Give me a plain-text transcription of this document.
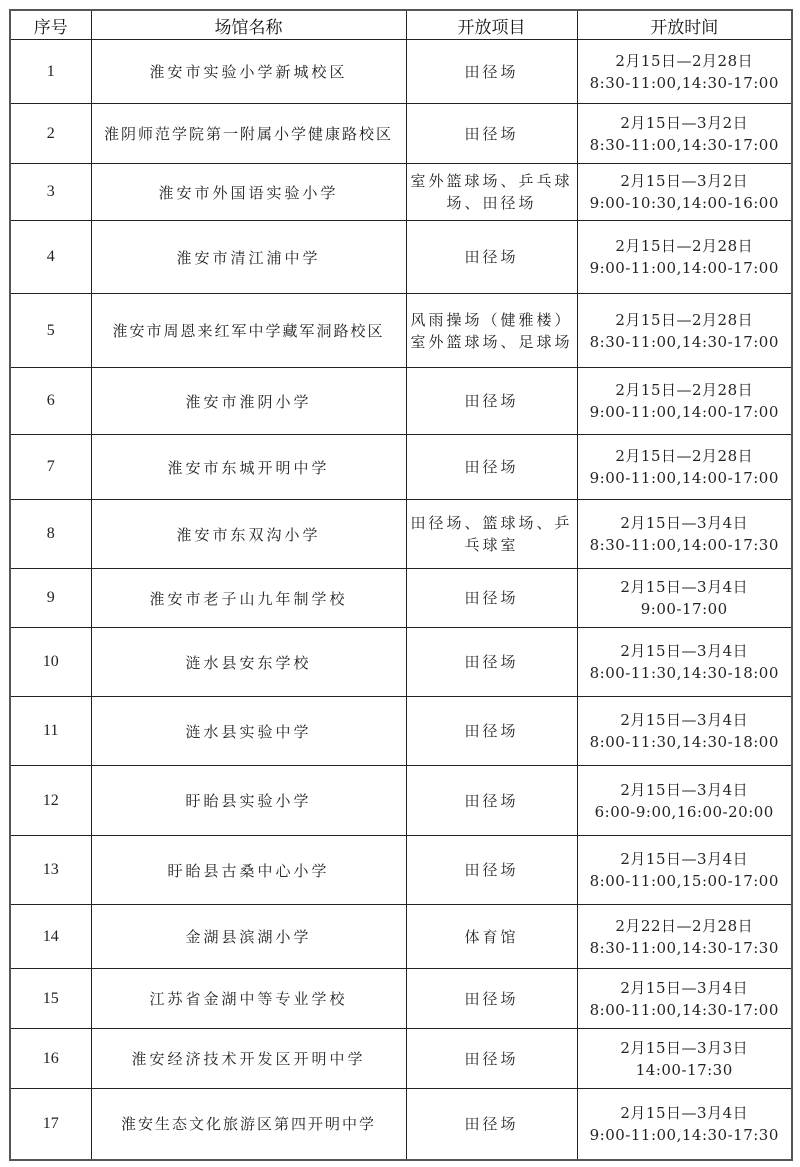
序号	场馆名称	开放项目	开放时间
1	淮安市实验小学新城校区	田径场	2月15日—2月28日
8:30-11:00,14:30-17:00

2	淮阴师范学院第一附属小学健康路校区	田径场	2月15日—3月2日
8:30-11:00,14:30-17:00

3	淮安市外国语实验小学	室外篮球场、乒乓球
场、田径场	2月15日—3月2日
9:00-10:30,14:00-16:00

4	淮安市清江浦中学	田径场	2月15日—2月28日
9:00-11:00,14:00-17:00

5	淮安市周恩来红军中学藏军洞路校区	风雨操场（健雅楼）
室外篮球场、足球场	2月15日—2月28日
8:30-11:00,14:30-17:00

6	淮安市淮阴小学	田径场	2月15日—2月28日
9:00-11:00,14:00-17:00

7	淮安市东城开明中学	田径场	2月15日—2月28日
9:00-11:00,14:00-17:00

8	淮安市东双沟小学	田径场、篮球场、乒
乓球室	2月15日—3月4日
8:30-11:00,14:00-17:30

9	淮安市老子山九年制学校	田径场	2月15日—3月4日
9:00-17:00

10	涟水县安东学校	田径场	2月15日—3月4日
8:00-11:30,14:30-18:00

11	涟水县实验中学	田径场	2月15日—3月4日
8:00-11:30,14:30-18:00

12	盱眙县实验小学	田径场	2月15日—3月4日
6:00-9:00,16:00-20:00

13	盱眙县古桑中心小学	田径场	2月15日—3月4日
8:00-11:00,15:00-17:00

14	金湖县滨湖小学	体育馆	2月22日—2月28日
8:30-11:00,14:30-17:30

15	江苏省金湖中等专业学校	田径场	2月15日—3月4日
8:00-11:00,14:30-17:00

16	淮安经济技术开发区开明中学	田径场	2月15日—3月3日
14:00-17:30

17	淮安生态文化旅游区第四开明中学	田径场	2月15日—3月4日
9:00-11:00,14:30-17:30
